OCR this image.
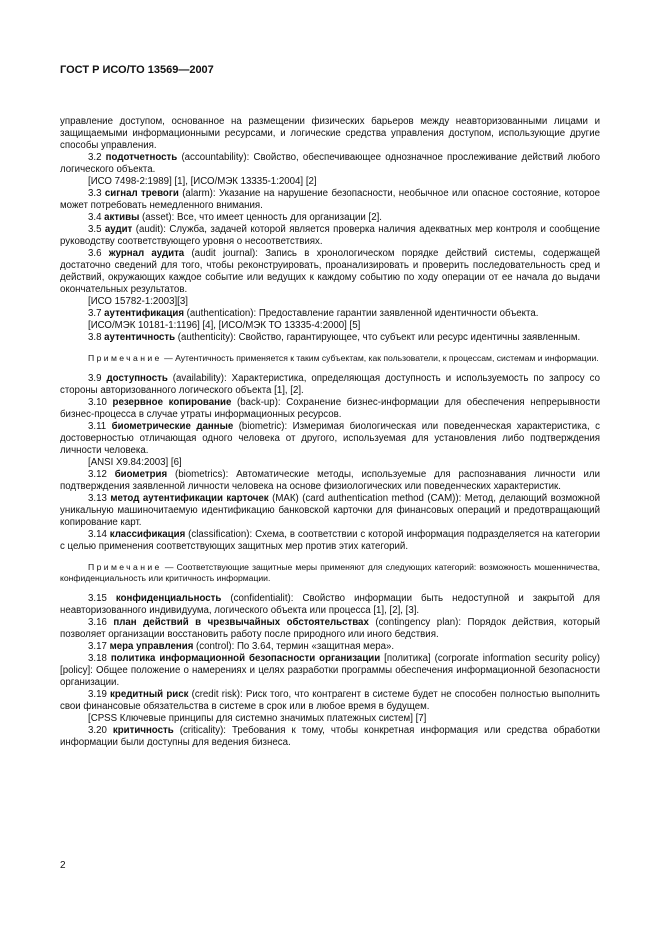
ГОСТ Р ИСО/ТО 13569—2007

управление доступом, основанное на размещении физических барьеров между неавторизованными лицами и защищаемыми информационными ресурсами, и логические средства управления доступом, использующие другие способы управления.

3.2 подотчетность (accountability): Свойство, обеспечивающее однозначное прослеживание действий любого логического объекта.

[ИСО 7498-2:1989] [1], [ИСО/МЭК 13335-1:2004] [2]

3.3 сигнал тревоги (alarm): Указание на нарушение безопасности, необычное или опасное состояние, которое может потребовать немедленного внимания.

3.4 активы (asset): Все, что имеет ценность для организации [2].

3.5 аудит (audit): Служба, задачей которой является проверка наличия адекватных мер контроля и сообщение руководству соответствующего уровня о несоответствиях.

3.6 журнал аудита (audit journal): Запись в хронологическом порядке действий системы, содержащей достаточно сведений для того, чтобы реконструировать, проанализировать и проверить последовательность сред и действий, окружающих каждое событие или ведущих к каждому событию по ходу операции от ее начала до выдачи окончательных результатов.

[ИСО 15782-1:2003][3]

3.7 аутентификация (authentication): Предоставление гарантии заявленной идентичности объекта.

[ИСО/МЭК 10181-1:1196] [4], [ИСО/МЭК ТО 13335-4:2000] [5]

3.8 аутентичность (authenticity): Свойство, гарантирующее, что субъект или ресурс идентичны заявленным.

Примечание — Аутентичность применяется к таким субъектам, как пользователи, к процессам, системам и информации.

3.9 доступность (availability): Характеристика, определяющая доступность и используемость по запросу со стороны авторизованного логического объекта [1], [2].

3.10 резервное копирование (back-up): Сохранение бизнес-информации для обеспечения непрерывности бизнес-процесса в случае утраты информационных ресурсов.

3.11 биометрические данные (biometric): Измеримая биологическая или поведенческая характеристика, с достоверностью отличающая одного человека от другого, используемая для установления либо подтверждения личности человека.

[ANSI X9.84:2003] [6]

3.12 биометрия (biometrics): Автоматические методы, используемые для распознавания личности или подтверждения заявленной личности человека на основе физиологических или поведенческих характеристик.

3.13 метод аутентификации карточек (МАК) (card authentication method (CAM)): Метод, делающий возможной уникальную машиночитаемую идентификацию банковской карточки для финансовых операций и предотвращающий копирование карт.

3.14 классификация (classification): Схема, в соответствии с которой информация подразделяется на категории с целью применения соответствующих защитных мер против этих категорий.

Примечание — Соответствующие защитные меры применяют для следующих категорий: возможность мошенничества, конфиденциальность или критичность информации.

3.15 конфиденциальность (confidentialit): Свойство информации быть недоступной и закрытой для неавторизованного индивидуума, логического объекта или процесса [1], [2], [3].

3.16 план действий в чрезвычайных обстоятельствах (contingency plan): Порядок действия, который позволяет организации восстановить работу после природного или иного бедствия.

3.17 мера управления (control): По 3.64, термин «защитная мера».

3.18 политика информационной безопасности организации [политика] (corporate information security policy) [policy]: Общее положение о намерениях и целях разработки программы обеспечения информационной безопасности организации.

3.19 кредитный риск (credit risk): Риск того, что контрагент в системе будет не способен полностью выполнить свои финансовые обязательства в системе в срок или в любое время в будущем.

[CPSS Ключевые принципы для системно значимых платежных систем] [7]

3.20 критичность (criticality): Требования к тому, чтобы конкретная информация или средства обработки информации были доступны для ведения бизнеса.

2
